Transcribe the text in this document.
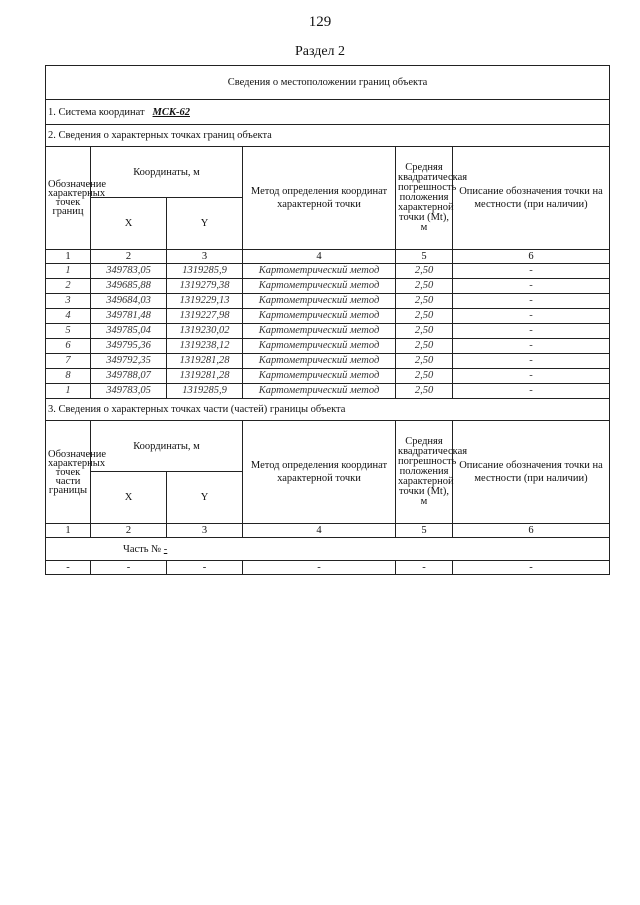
129
Раздел 2
Сведения о местоположении границ объекта					
1. Система координат МСК-62					
2. Сведения о характерных точках границ объекта					
Обозначение характерных точек границ	Координаты, м		Метод определения координат характерной точки	Средняя квадратическая погрешность положения характерной точки (Mt), м	Описание обозначения точки на местности (при наличии)
	X	Y			
1	2	3	4	5	6
1	349783,05	1319285,9	Картометрический метод	2,50	-
2	349685,88	1319279,38	Картометрический метод	2,50	-
3	349684,03	1319229,13	Картометрический метод	2,50	-
4	349781,48	1319227,98	Картометрический метод	2,50	-
5	349785,04	1319230,02	Картометрический метод	2,50	-
6	349795,36	1319238,12	Картометрический метод	2,50	-
7	349792,35	1319281,28	Картометрический метод	2,50	-
8	349788,07	1319281,28	Картометрический метод	2,50	-
1	349783,05	1319285,9	Картометрический метод	2,50	-
3. Сведения о характерных точках части (частей) границы объекта					
Обозначение характерных точек части границы	Координаты, м		Метод определения координат характерной точки	Средняя квадратическая погрешность положения характерной точки (Mt), м	Описание обозначения точки на местности (при наличии)
	X	Y			
1	2	3	4	5	6
Часть № -					
-	-	-	-	-	-
